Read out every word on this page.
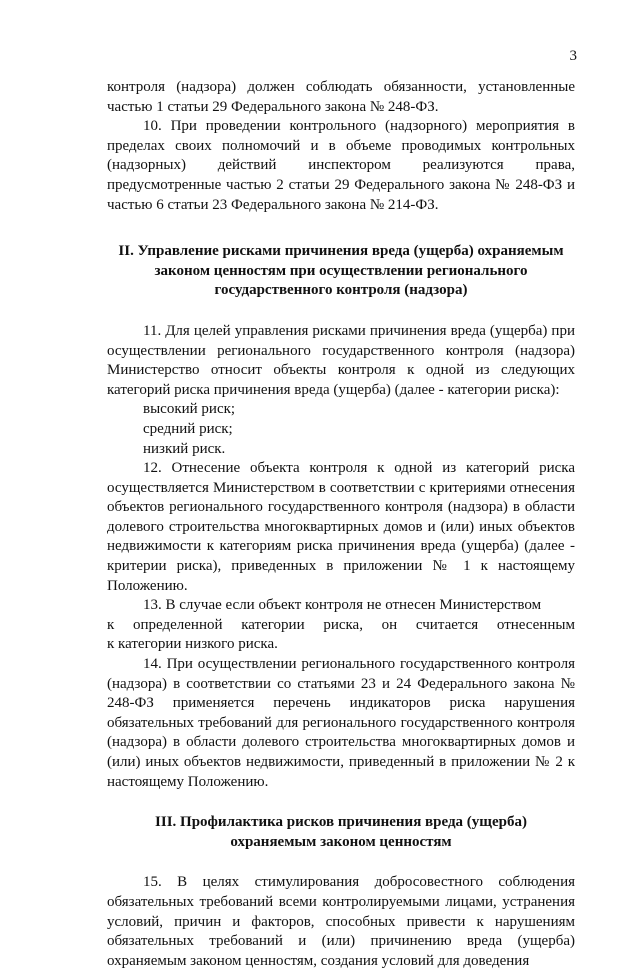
3

контроля (надзора) должен соблюдать обязанности, установленные частью 1 статьи 29 Федерального закона № 248-ФЗ.

10. При проведении контрольного (надзорного) мероприятия в пределах своих полномочий и в объеме проводимых контрольных (надзорных) действий инспектором реализуются права, предусмотренные частью 2 статьи 29 Федерального закона № 248-ФЗ и частью 6 статьи 23 Федерального закона № 214-ФЗ.

II. Управление рисками причинения вреда (ущерба) охраняемым

законом ценностям при осуществлении регионального

государственного контроля (надзора)

11. Для целей управления рисками причинения вреда (ущерба) при осуществлении регионального государственного контроля (надзора) Министерство относит объекты контроля к одной из следующих категорий риска причинения вреда (ущерба) (далее - категории риска):

высокий риск;

средний риск;

низкий риск.

12. Отнесение объекта контроля к одной из категорий риска осуществляется Министерством в соответствии с критериями отнесения объектов регионального государственного контроля (надзора) в области долевого строительства многоквартирных домов и (или) иных объектов недвижимости к категориям риска причинения вреда (ущерба) (далее - критерии риска), приведенных в приложении № 1 к настоящему Положению.

13. В случае если объект контроля не отнесен Министерством

к определенной категории риска, он считается отнесенным

к категории низкого риска.

14. При осуществлении регионального государственного контроля (надзора) в соответствии со статьями 23 и 24 Федерального закона № 248-ФЗ применяется перечень индикаторов риска нарушения обязательных требований для регионального государственного контроля (надзора) в области долевого строительства многоквартирных домов и (или) иных объектов недвижимости, приведенный в приложении № 2 к настоящему Положению.

III. Профилактика рисков причинения вреда (ущерба)

охраняемым законом ценностям

15. В целях стимулирования добросовестного соблюдения обязательных требований всеми контролируемыми лицами, устранения условий, причин и факторов, способных привести к нарушениям обязательных требований и (или) причинению вреда (ущерба) охраняемым законом ценностям, создания условий для доведения
